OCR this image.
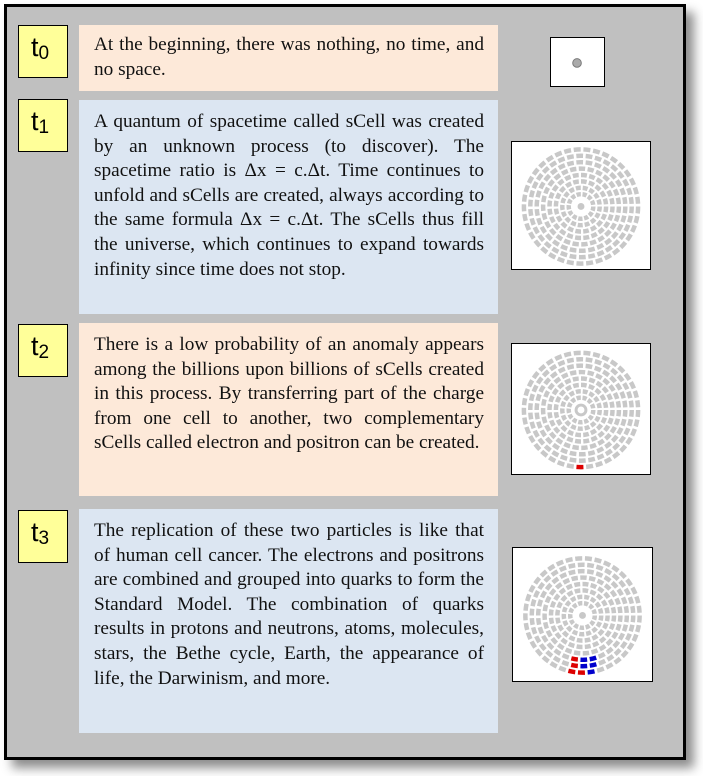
$t_0$	At the beginning, there was nothing, no time, and no space.
$t_1$	A quantum of spacetime called sCell was created by an unknown process (to discover). The spacetime ratio is Δx = c.Δt. Time continues to unfold and sCells are created, always according to the same formula Δx = c.Δt. The sCells thus fill the universe, which continues to expand towards infinity since time does not stop.
$t_2$	There is a low probability of an anomaly appears among the billions upon billions of sCells created in this process. By transferring part of the charge from one cell to another, two complementary sCells called electron and positron can be created.
$t_3$	The replication of these two particles is like that of human cell cancer. The electrons and positrons are combined and grouped into quarks to form the Standard Model. The combination of quarks results in protons and neutrons, atoms, molecules, stars, the Bethe cycle, Earth, the appearance of life, the Darwinism, and more.
